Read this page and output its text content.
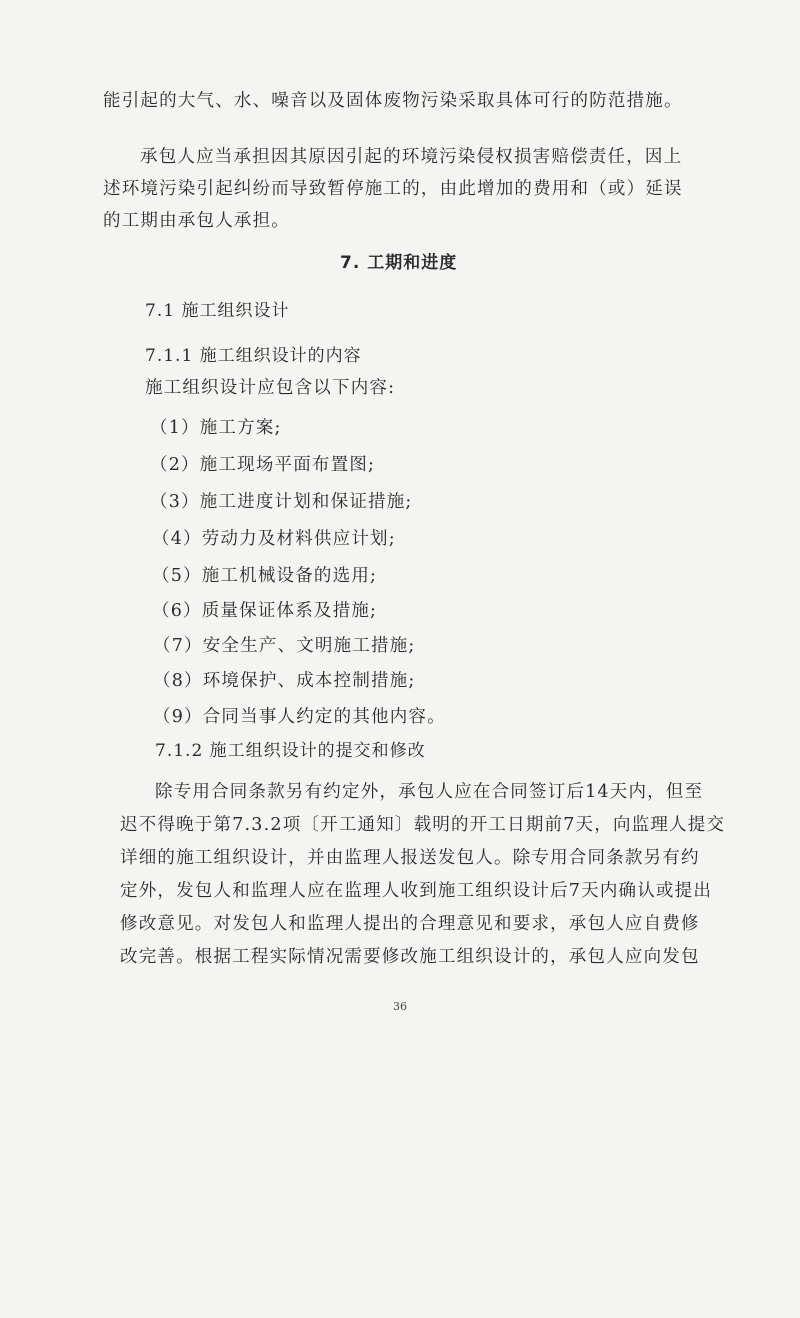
能引起的大气、水、噪音以及固体废物污染采取具体可行的防范措施。
承包人应当承担因其原因引起的环境污染侵权损害赔偿责任，因上
述环境污染引起纠纷而导致暂停施工的，由此增加的费用和（或）延误
的工期由承包人承担。
7. 工期和进度
7.1 施工组织设计
7.1.1 施工组织设计的内容
施工组织设计应包含以下内容:
（1）施工方案;
（2）施工现场平面布置图;
（3）施工进度计划和保证措施;
（4）劳动力及材料供应计划;
（5）施工机械设备的选用;
（6）质量保证体系及措施;
（7）安全生产、文明施工措施;
（8）环境保护、成本控制措施;
（9）合同当事人约定的其他内容。
7.1.2 施工组织设计的提交和修改
除专用合同条款另有约定外，承包人应在合同签订后14天内，但至
迟不得晚于第7.3.2项〔开工通知〕载明的开工日期前7天，向监理人提交
详细的施工组织设计，并由监理人报送发包人。除专用合同条款另有约
定外，发包人和监理人应在监理人收到施工组织设计后7天内确认或提出
修改意见。对发包人和监理人提出的合理意见和要求，承包人应自费修
改完善。根据工程实际情况需要修改施工组织设计的，承包人应向发包
36
